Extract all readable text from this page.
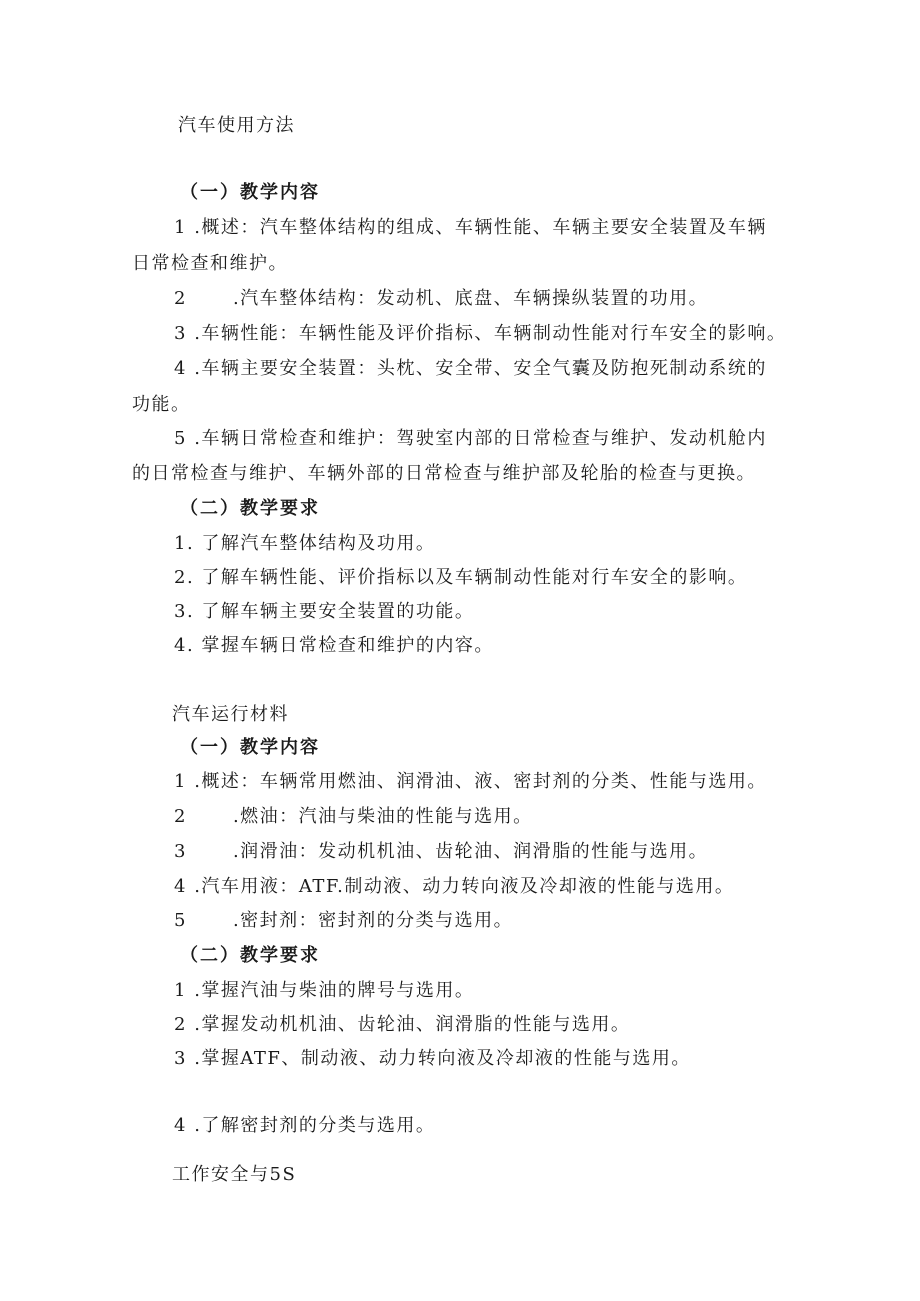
汽车使用方法
（一）教学内容
1 .概述：汽车整体结构的组成、车辆性能、车辆主要安全装置及车辆
日常检查和维护。
2	.汽车整体结构：发动机、底盘、车辆操纵装置的功用。
3 .车辆性能：车辆性能及评价指标、车辆制动性能对行车安全的影响。
4 .车辆主要安全装置：头枕、安全带、安全气囊及防抱死制动系统的
功能。
5 .车辆日常检查和维护：驾驶室内部的日常检查与维护、发动机舱内
的日常检查与维护、车辆外部的日常检查与维护部及轮胎的检查与更换。
（二）教学要求
1. 了解汽车整体结构及功用。
2. 了解车辆性能、评价指标以及车辆制动性能对行车安全的影响。
3. 了解车辆主要安全装置的功能。
4. 掌握车辆日常检查和维护的内容。
汽车运行材料
（一）教学内容
1 .概述：车辆常用燃油、润滑油、液、密封剂的分类、性能与选用。
2	.燃油：汽油与柴油的性能与选用。
3	.润滑油：发动机机油、齿轮油、润滑脂的性能与选用。
4 .汽车用液：ATF.制动液、动力转向液及冷却液的性能与选用。
5	.密封剂：密封剂的分类与选用。
（二）教学要求
1 .掌握汽油与柴油的牌号与选用。
2 .掌握发动机机油、齿轮油、润滑脂的性能与选用。
3 .掌握ATF、制动液、动力转向液及冷却液的性能与选用。
4 .了解密封剂的分类与选用。
工作安全与5S
